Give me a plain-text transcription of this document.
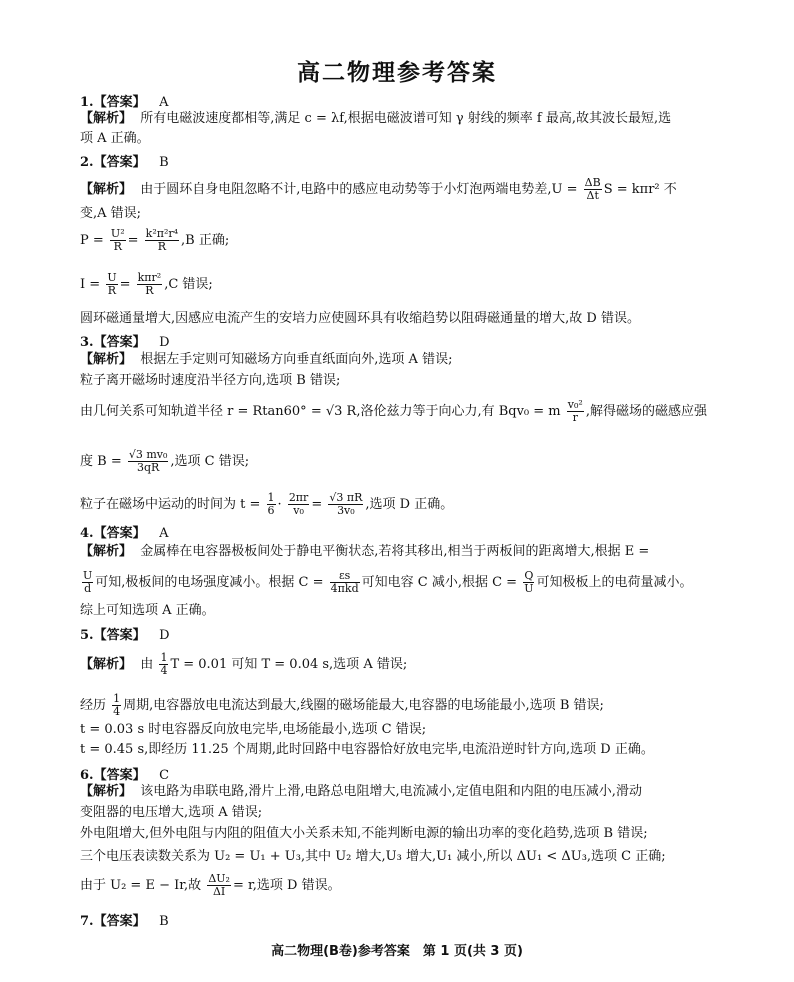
高二物理参考答案
1.【答案】 A
【解析】 所有电磁波速度都相等,满足 c = λf,根据电磁波谱可知 γ 射线的频率 f 最高,故其波长最短,选
项 A 正确。
2.【答案】 B
【解析】 由于圆环自身电阻忽略不计,电路中的感应电动势等于小灯泡两端电势差$,U = \frac{\Delta B}{\Delta t}$ S = kπr² 不
变,A 错误;
$P = \frac{\text{U²}}{R} = \frac{\text{k²π²r⁴}}{R} ,B$ 正确;
$I = \frac{U}{R} = k\pi r^2$
R ,C 错误;
圆环磁通量增大,因感应电流产生的安培力应使圆环具有收缩趋势以阻碍磁通量的增大,故 D 错误。
3.【答案】 D
【解析】 根据左手定则可知磁场方向垂直纸面向外,选项 A 错误;
粒子离开磁场时速度沿半径方向,选项 B 错误;
由几何关系可知轨道半径 r = Rtan60° = √3 R,洛伦兹力等于向心力,有 Bqv₀ = m $\frac{\text{v₀²}}{r}$ ,解得磁场的磁感应强
度 $B = \frac{\text{√3 mv₀}}{3qR}$ ,选项 C 错误;
粒子在磁场中运动的时间为 $t = \frac{1}{6} \cdot \frac{2\pi r}{\text{v₀}} = \frac{√3 \pi R}{\text{3v₀}}$ ,选项 D 正确。
4.【答案】 A
【解析】 金属棒在电容器极板间处于静电平衡状态,若将其移出,相当于两板间的距离增大,根据 E =
$\frac{U}{d}$ 可知,极板间的电场强度减小。根据 C =	εs
4πkd 可知电容 C 减小,根据 $C = \frac{Q}{U}$ 可知极板上的电荷量减小。
综上可知选项 A 正确。
5.【答案】 D
【解析】 由 $\frac{1}{4}$ T = 0.01 可知 T = 0.04 s,选项 A 错误;
经历 $\frac{1}{4}$ 周期,电容器放电电流达到最大,线圈的磁场能最大,电容器的电场能最小,选项 B 错误;
t = 0.03 s 时电容器反向放电完毕,电场能最小,选项 C 错误;
t = 0.45 s,即经历 11.25 个周期,此时回路中电容器恰好放电完毕,电流沿逆时针方向,选项 D 正确。
6.【答案】 C
【解析】 该电路为串联电路,滑片上滑,电路总电阻增大,电流减小,定值电阻和内阻的电压减小,滑动
变阻器的电压增大,选项 A 错误;
外电阻增大,但外电阻与内阻的阻值大小关系未知,不能判断电源的输出功率的变化趋势,选项 B 错误;
三个电压表读数关系为 U₂ = U₁ + U₃,其中 U₂ 增大,U₃ 增大,U₁ 减小,所以 ΔU₁ < ΔU₃,选项 C 正确;
由于 U₂ = E − Ir,故 $\frac{\text{ΔU₂}}{\Delta I} = r$,选项 D 错误。
7.【答案】 B
高二物理(B卷)参考答案　第 1 页(共 3 页)
